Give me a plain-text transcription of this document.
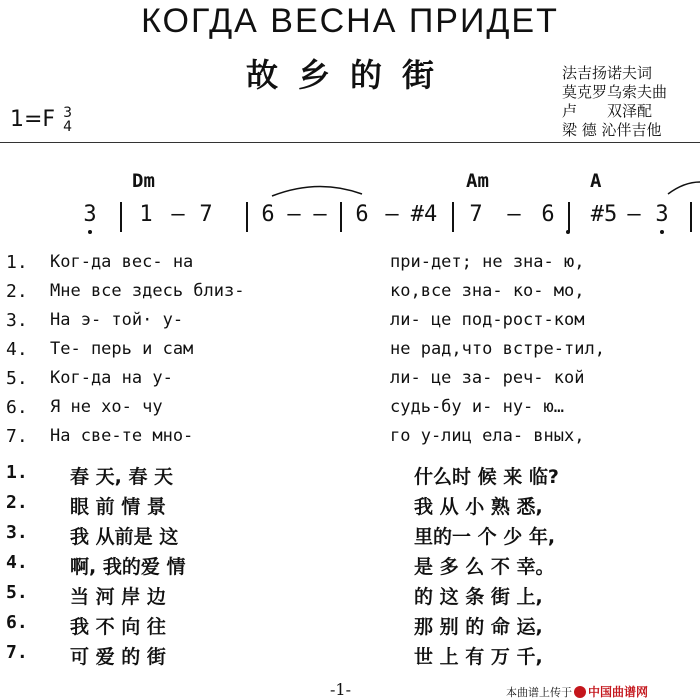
КОГДА ВЕСНА ПРИДЕТ
故乡的街	法吉扬诺夫词
莫克罗乌索夫曲
卢　　双泽配
梁 德 沁伴吉他
1=F 3
4
Dm	Am	A
3 1 — 7 6 — — 6 — #4 7 — 6 #5 — 3
1. Ког-да вес- на	при-дет; не зна- ю,
2. Мне все здесь близ-	ко,все зна- ко- мо,
3. На э- той· у-	ли- це под-рост-ком
4. Те- перь и сам	не рад,что встре-тил,
5. Ког-да на у-	ли- це за- реч- кой
6. Я не хо- чу	судь-бу и- ну- ю…
7. На све-те мно-	го у-лиц ела- вных,
1. 春 天, 春 天	什么时 候 来 临?
2. 眼 前 情 景	我 从 小 熟 悉,
3. 我 从前是 这	里的一 个 少 年,
4. 啊, 我的爱 情	是 多 么 不 幸。
5. 当 河 岸 边	的 这 条 街 上,
6. 我 不 向 往	那 别 的 命 运,
7. 可 爱 的 街	世 上 有 万 千,
-1-	本曲谱上传于 中国曲谱网
